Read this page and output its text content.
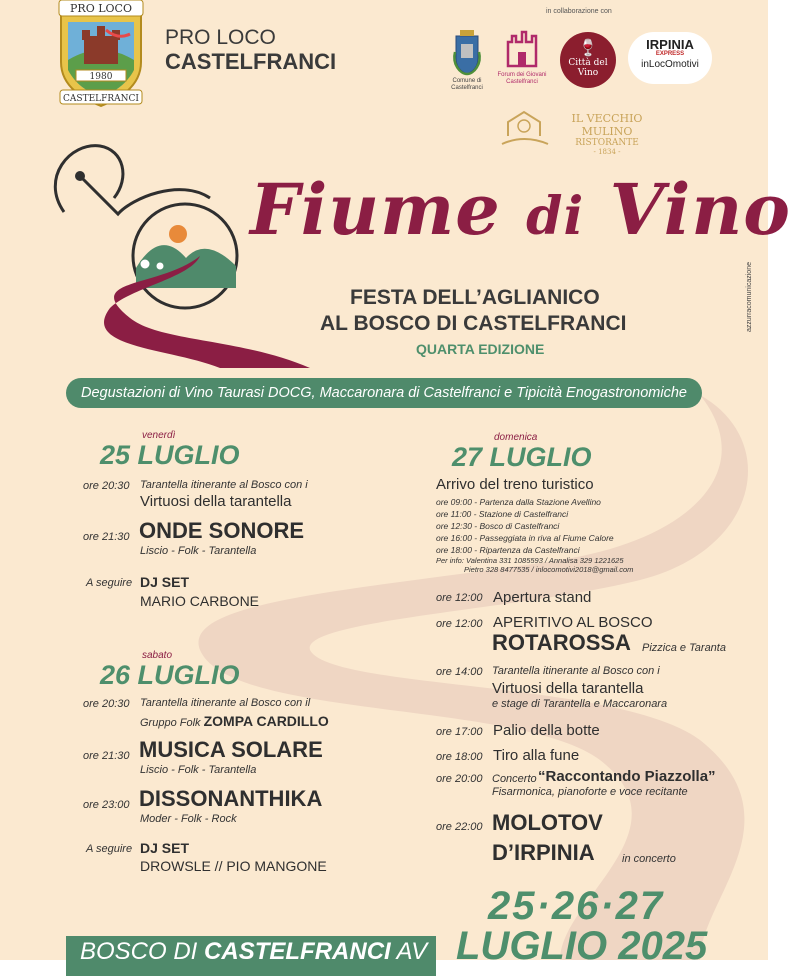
PRO LOCO
1980
CASTELFRANCI
PRO LOCO
CASTELFRANCI
in collaborazione con
Comune di Castelfranci
Forum dei Giovani Castelfranci
🍷
Città del Vino
IRPINIA
EXPRESS
inLocOmotivi
IL VECCHIO MULINO
RISTORANTE
- 1834 -
Fiume di Vino
FESTA DELL’AGLIANICO
AL BOSCO DI CASTELFRANCI
QUARTA EDIZIONE
azzurracomunicazione
Degustazioni di Vino Taurasi DOCG, Maccaronara di Castelfranci e Tipicità Enogastronomiche
venerdì
25 LUGLIO
ore 20:30 Tarantella itinerante al Bosco con i
Virtuosi della tarantella
ore 21:30 ONDE SONORE
Liscio - Folk - Tarantella
A seguire DJ SET
MARIO CARBONE
sabato
26 LUGLIO
ore 20:30 Tarantella itinerante al Bosco con il
Gruppo Folk ZOMPA CARDILLO
ore 21:30 MUSICA SOLARE
Liscio - Folk - Tarantella
ore 23:00 DISSONANTHIKA
Moder - Folk - Rock
A seguire DJ SET
DROWSLE // PIO MANGONE
domenica
27 LUGLIO
Arrivo del treno turistico
ore 09:00 - Partenza dalla Stazione Avellino
ore 11:00 - Stazione di Castelfranci
ore 12:30 - Bosco di Castelfranci
ore 16:00 - Passeggiata in riva al Fiume Calore
ore 18:00 - Ripartenza da Castelfranci
Per info: Valentina 331 1085593 / Annalisa 329 1221625
Pietro 328 8477535 / inlocomotivi2018@gmail.com
ore 12:00 Apertura stand
ore 12:00 APERITIVO AL BOSCO
ROTAROSSA Pizzica e Taranta
ore 14:00 Tarantella itinerante al Bosco con i
Virtuosi della tarantella
e stage di Tarantella e Maccaronara
ore 17:00 Palio della botte
ore 18:00 Tiro alla fune
ore 20:00 Concerto “Raccontando Piazzolla”
Fisarmonica, pianoforte e voce recitante
ore 22:00 MOLOTOV
D’IRPINIA in concerto
25·26·27
LUGLIO 2025
BOSCO DI CASTELFRANCI AV
